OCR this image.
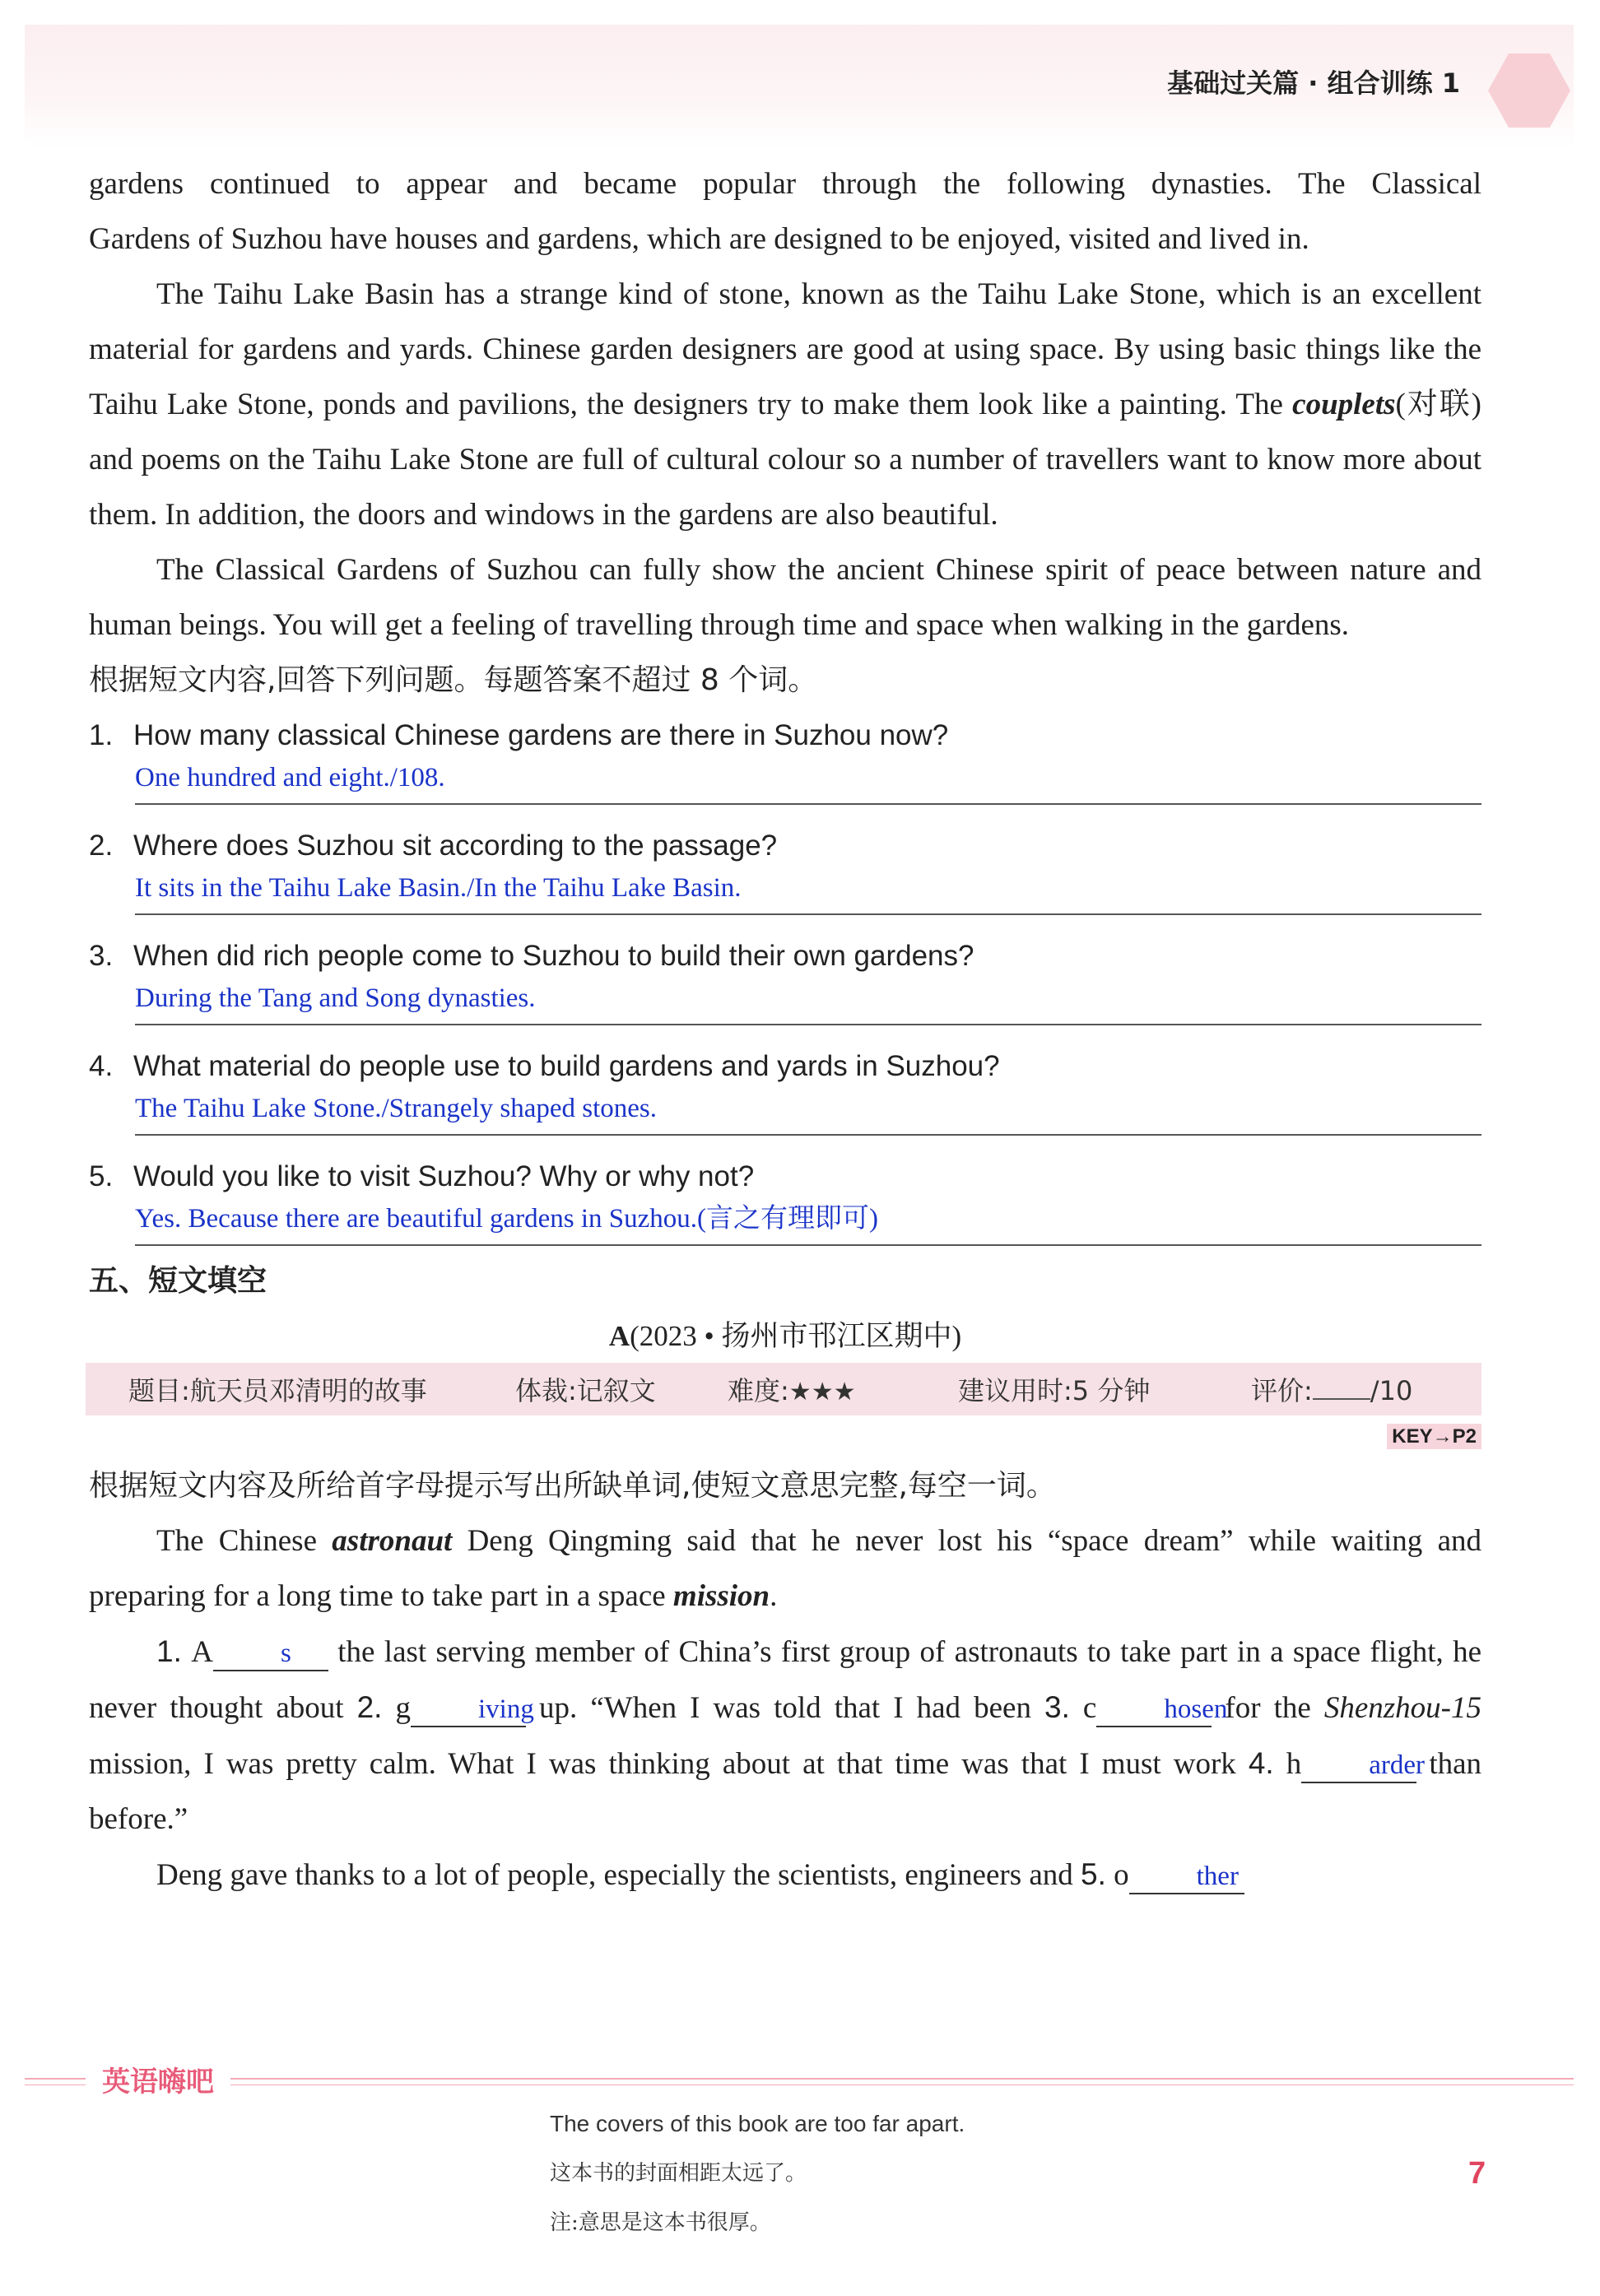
基础过关篇 · 组合训练 1

gardens continued to appear and became popular through the following dynasties. The Classical

Gardens of Suzhou have houses and gardens, which are designed to be enjoyed, visited and lived in.

The Taihu Lake Basin has a strange kind of stone, known as the Taihu Lake Stone, which is an excellent material for gardens and yards. Chinese garden designers are good at using space. By using basic things like the Taihu Lake Stone, ponds and pavilions, the designers try to make them look like a painting. The couplets(对联) and poems on the Taihu Lake Stone are full of cultural colour so a number of travellers want to know more about them. In addition, the doors and windows in the gardens are also beautiful.

The Classical Gardens of Suzhou can fully show the ancient Chinese spirit of peace between nature and human beings. You will get a feeling of travelling through time and space when walking in the gardens.

根据短文内容,回答下列问题。每题答案不超过 8 个词。

1. How many classical Chinese gardens are there in Suzhou now?
One hundred and eight./108.
2. Where does Suzhou sit according to the passage?
It sits in the Taihu Lake Basin./In the Taihu Lake Basin.
3. When did rich people come to Suzhou to build their own gardens?
During the Tang and Song dynasties.
4. What material do people use to build gardens and yards in Suzhou?
The Taihu Lake Stone./Strangely shaped stones.
5. Would you like to visit Suzhou? Why or why not?
Yes. Because there are beautiful gardens in Suzhou.(言之有理即可)
五、短文填空
A(2023 • 扬州市邗江区期中)
题目:航天员邓清明的故事	体裁:记叙文	难度:★★★	建议用时:5 分钟	评价: /10
KEY→P2

根据短文内容及所给首字母提示写出所缺单词,使短文意思完整,每空一词。

The Chinese astronaut Deng Qingming said that he never lost his “space dream” while waiting and preparing for a long time to take part in a space mission.

1. A s the last serving member of China’s first group of astronauts to take part in a space flight, he never thought about 2. g iving up. “When I was told that I had been 3. c hosen for the Shenzhou-15 mission, I was pretty calm. What I was thinking about at that time was that I must work 4. h arder than before.”

Deng gave thanks to a lot of people, especially the scientists, engineers and 5. o ther

英语嗨吧
The covers of this book are too far apart.
这本书的封面相距太远了。
注:意思是这本书很厚。
7
